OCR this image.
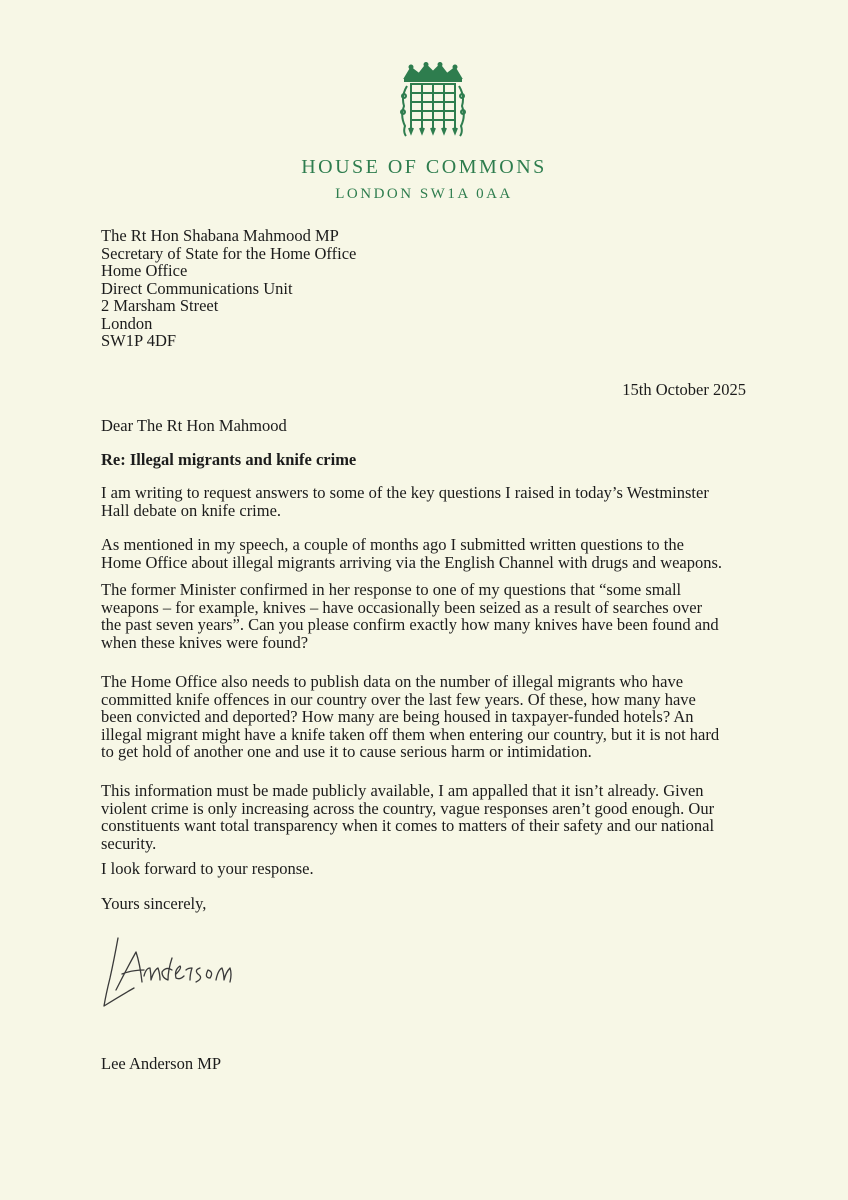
HOUSE OF COMMONS
LONDON SW1A 0AA
The Rt Hon Shabana Mahmood MP
Secretary of State for the Home Office
Home Office
Direct Communications Unit
2 Marsham Street
London
SW1P 4DF
15th October 2025
Dear The Rt Hon Mahmood
Re: Illegal migrants and knife crime
I am writing to request answers to some of the key questions I raised in today’s Westminster
Hall debate on knife crime.
As mentioned in my speech, a couple of months ago I submitted written questions to the
Home Office about illegal migrants arriving via the English Channel with drugs and weapons.
The former Minister confirmed in her response to one of my questions that “some small
weapons – for example, knives – have occasionally been seized as a result of searches over
the past seven years”. Can you please confirm exactly how many knives have been found and
when these knives were found?
The Home Office also needs to publish data on the number of illegal migrants who have
committed knife offences in our country over the last few years. Of these, how many have
been convicted and deported? How many are being housed in taxpayer-funded hotels? An
illegal migrant might have a knife taken off them when entering our country, but it is not hard
to get hold of another one and use it to cause serious harm or intimidation.
This information must be made publicly available, I am appalled that it isn’t already. Given
violent crime is only increasing across the country, vague responses aren’t good enough. Our
constituents want total transparency when it comes to matters of their safety and our national
security.
I look forward to your response.
Yours sincerely,
Lee Anderson MP
